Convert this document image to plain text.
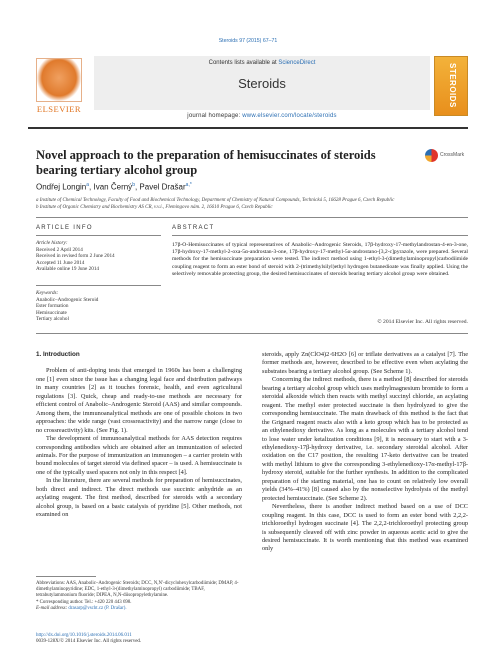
Steroids 97 (2015) 67–71
ELSEVIER
Contents lists available at ScienceDirect
Steroids
journal homepage: www.elsevier.com/locate/steroids
STEROIDS
Novel approach to the preparation of hemisuccinates of steroids bearing tertiary alcohol group
CrossMark
Ondřej Longin$^a$, Ivan Černý$^b$, Pavel Drašar$^{a,*}$
a Institute of Chemical Technology, Faculty of Food and Biochemical Technology, Department of Chemistry of Natural Compounds, Technická 5, 16628 Prague 6, Czech Republic
b Institute of Organic Chemistry and Biochemistry AS CR, v.v.i., Flemingovo nám. 2, 16610 Prague 6, Czech Republic
ARTICLE INFO	ABSTRACT
Article history:
Received 2 April 2014
Received in revised form 2 June 2014
Accepted 11 June 2014
Available online 19 June 2014
Keywords:
Anabolic–Androgenic Steroid
Ester formation
Hemisuccinate
Tertiary alcohol
17β-O-Hemisuccinates of typical representatives of Anabolic–Androgenic Steroids, 17β-hydroxy-17-methylandrostan-4-en-3-one, 17β-hydroxy-17-methyl-2-oxa-5α-androstan-3-one, 17β-hydroxy-17-methyl-5α-androstano-[3,2-c]pyrazole, were prepared. Several methods for the hemisuccinate preparation were tested. The indirect method using 1-ethyl-3-(dimethylaminopropyl)carbodiimide coupling reagent to form an ester bond of steroid with 2-(trimethylsilyl)ethyl hydrogen butanedioate was finally applied. Using the selectively removable protecting group, the desired hemisuccinates of steroids bearing tertiary alcohol group were obtained.
© 2014 Elsevier Inc. All rights reserved.
1. Introduction

Problem of anti-doping tests that emerged in 1960s has been a challenging one [1] even since the issue has a changing legal face and distribution pathways in many countries [2] as it touches forensic, health, and even agricultural regulations [3]. Quick, cheap and ready-to-use methods are necessary for efficient control of Anabolic–Androgenic Steroid (AAS) and similar compounds. Among them, the immunoanalytical methods are one of possible choices in two approaches: the wide range (vast crossreactivity) and the narrow range (close to no crossreactivity) kits. (See Fig. 1).

The development of immunoanalytical methods for AAS detection requires corresponding antibodies which are obtained after an immunization of selected animals. For the purpose of immunization an immunogen – a carrier protein with bound molecules of target steroid via defined spacer – is used. A hemisuccinate is one of the typically used spacers not only in this respect [4].

In the literature, there are several methods for preparation of hemisuccinates, both direct and indirect. The direct methods use succinic anhydride as an acylating reagent. The first method, described for steroids with a secondary alcohol group, is based on a basic catalysis of pyridine [5]. Other methods, not examined on

steroids, apply Zn(ClO4)2·6H2O [6] or triflate derivatives as a catalyst [7]. The former methods are, however, described to be effective even when acylating the substrates bearing a tertiary alcohol group. (See Scheme 1).

Concerning the indirect methods, there is a method [8] described for steroids bearing a tertiary alcohol group which uses methylmagnesium bromide to form a steroidal alkoxide which then reacts with methyl succinyl chloride, an acylating reagent. The methyl ester protected succinate is then hydrolyzed to give the corresponding hemisuccinate. The main drawback of this method is the fact that the Grignard reagent reacts also with a keto group which has to be protected as an ethylenedioxy derivative. As long as a molecules with a tertiary alcohol tend to lose water under ketalization conditions [9], it is necessary to start with a 3-ethylenedioxy-17β-hydroxy derivative, i.e. secondary steroidal alcohol. After oxidation on the C17 position, the resulting 17-keto derivative can be treated with methyl lithium to give the corresponding 3-ethylenedioxy-17α-methyl-17β-hydroxy steroid, suitable for the further synthesis. In addition to the complicated preparation of the starting material, one has to count on relatively low overall yields (34%–41%) [8] caused also by the nonselective hydrolysis of the methyl protected hemisuccinate. (See Scheme 2).

Nevertheless, there is another indirect method based on a use of DCC coupling reagent. In this case, DCC is used to form an ester bond with 2,2,2-trichloroethyl hydrogen succinate [4]. The 2,2,2-trichloroethyl protecting group is subsequently cleaved off with zinc powder in aqueous acetic acid to give the desired hemisuccinate. It is worth mentioning that this method was examined only

Abbreviations: AAS, Anabolic–Androgenic Steroids; DCC, N,N′-dicyclohexylcarbodiimide; DMAP, 4-dimethylaminopyridine; EDC, 1-ethyl-3-(dimethylaminopropyl) carbodiimide; TBAF, tetrabutylammonium fluoride; DIPEA, N,N-diisopropylethylamine.
* Corresponding author. Tel.: +420 220 443 698.
E-mail address: drasarp@vscht.cz (P. Drašar).
http://dx.doi.org/10.1016/j.steroids.2014.06.011
0039-128X/© 2014 Elsevier Inc. All rights reserved.
